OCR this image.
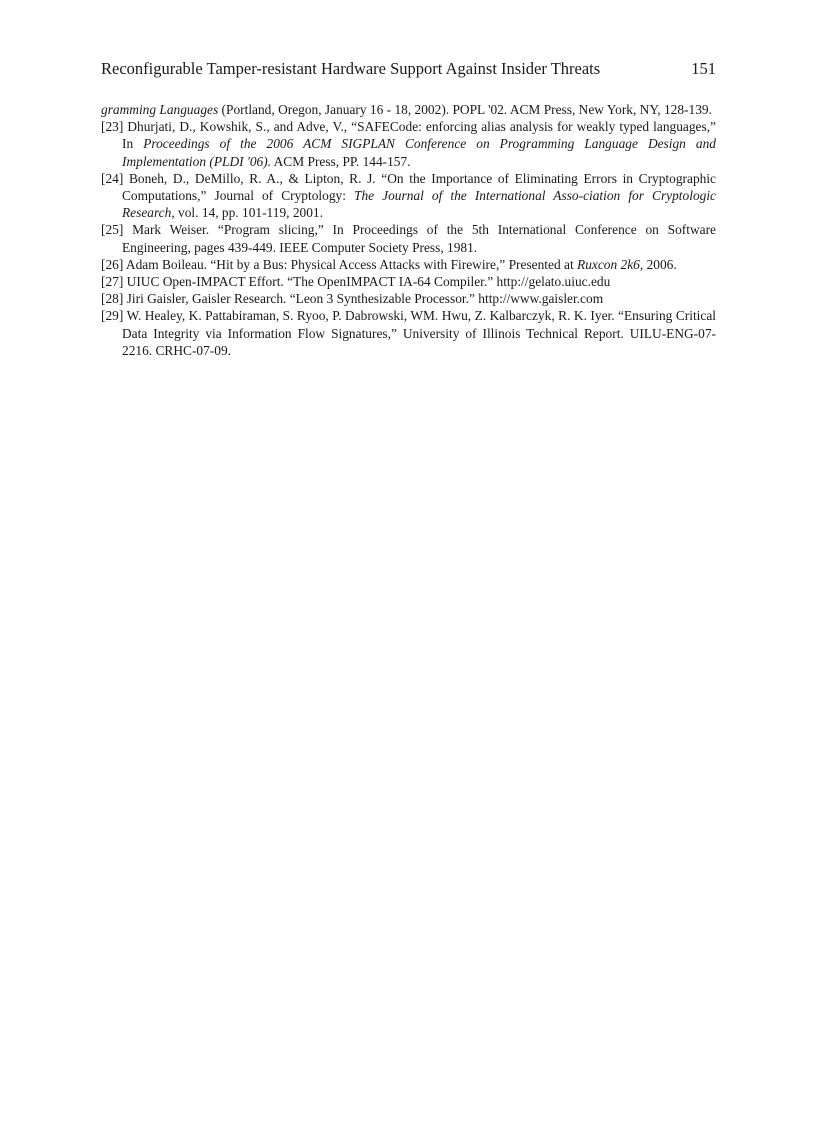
Reconfigurable Tamper-resistant Hardware Support Against Insider Threats	151

gramming Languages (Portland, Oregon, January 16 - 18, 2002). POPL '02. ACM Press, New York, NY, 128-139.

[23] Dhurjati, D., Kowshik, S., and Adve, V., “SAFECode: enforcing alias analysis for weakly typed languages,” In Proceedings of the 2006 ACM SIGPLAN Conference on Programming Language Design and Implementation (PLDI '06). ACM Press, PP. 144-157.

[24] Boneh, D., DeMillo, R. A., & Lipton, R. J. “On the Importance of Eliminating Errors in Cryptographic Computations,” Journal of Cryptology: The Journal of the International Asso-ciation for Cryptologic Research, vol. 14, pp. 101-119, 2001.

[25] Mark Weiser. “Program slicing,” In Proceedings of the 5th International Conference on Software Engineering, pages 439-449. IEEE Computer Society Press, 1981.

[26] Adam Boileau. “Hit by a Bus: Physical Access Attacks with Firewire,” Presented at Ruxcon 2k6, 2006.

[27] UIUC Open-IMPACT Effort. “The OpenIMPACT IA-64 Compiler.” http://gelato.uiuc.edu

[28] Jiri Gaisler, Gaisler Research. “Leon 3 Synthesizable Processor.” http://www.gaisler.com

[29] W. Healey, K. Pattabiraman, S. Ryoo, P. Dabrowski, WM. Hwu, Z. Kalbarczyk, R. K. Iyer. “Ensuring Critical Data Integrity via Information Flow Signatures,” University of Illinois Technical Report. UILU-ENG-07-2216. CRHC-07-09.
